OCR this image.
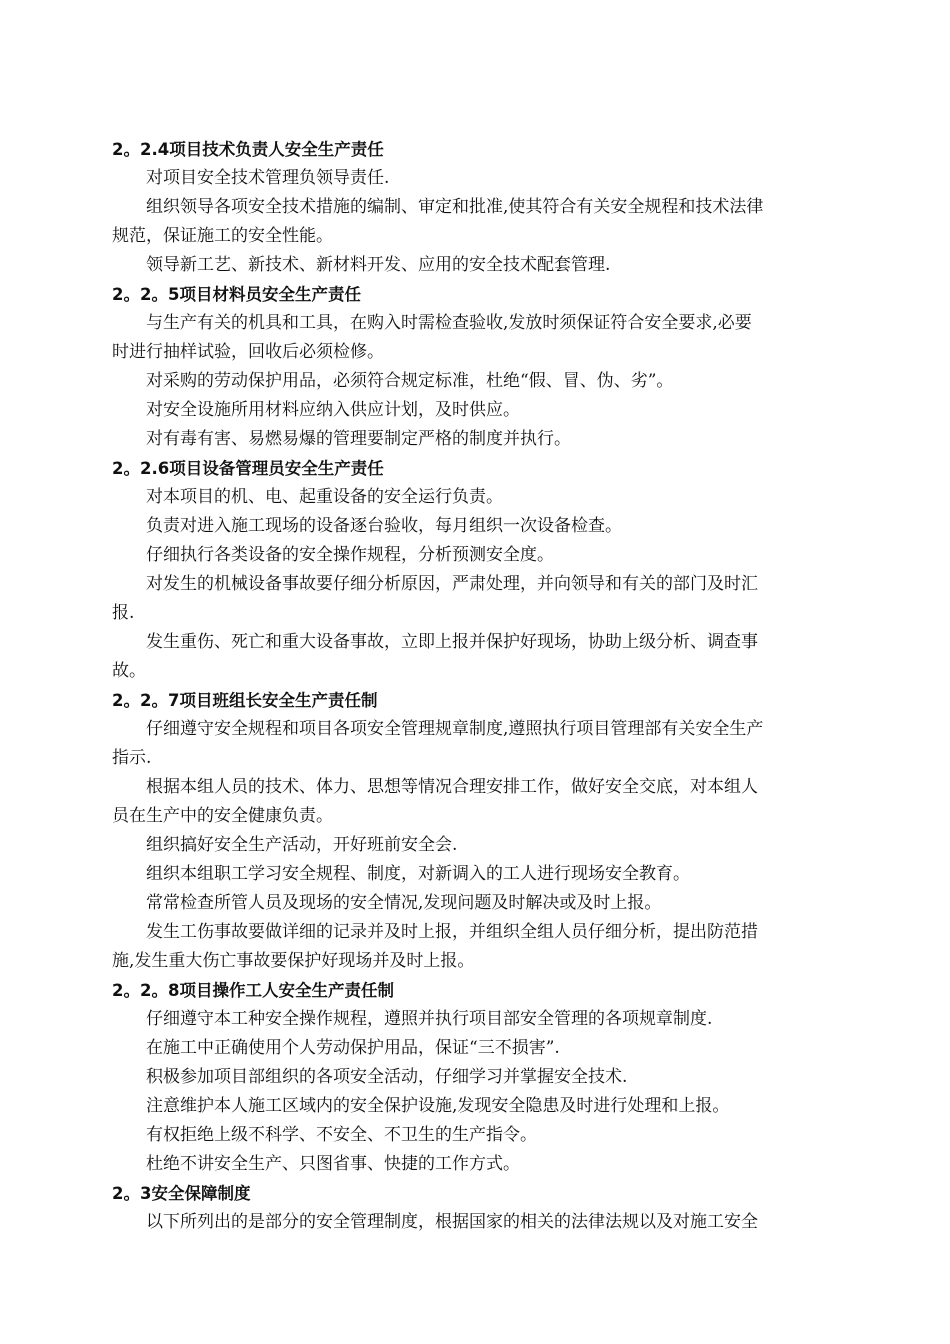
2。2.4项目技术负责人安全生产责任
对项目安全技术管理负领导责任.
组织领导各项安全技术措施的编制、审定和批准,使其符合有关安全规程和技术法律
规范，保证施工的安全性能。
领导新工艺、新技术、新材料开发、应用的安全技术配套管理.
2。2。5项目材料员安全生产责任
与生产有关的机具和工具，在购入时需检查验收,发放时须保证符合安全要求,必要
时进行抽样试验，回收后必须检修。
对采购的劳动保护用品，必须符合规定标准，杜绝“假、冒、伪、劣”。
对安全设施所用材料应纳入供应计划，及时供应。
对有毒有害、易燃易爆的管理要制定严格的制度并执行。
2。2.6项目设备管理员安全生产责任
对本项目的机、电、起重设备的安全运行负责。
负责对进入施工现场的设备逐台验收，每月组织一次设备检查。
仔细执行各类设备的安全操作规程，分析预测安全度。
对发生的机械设备事故要仔细分析原因，严肃处理，并向领导和有关的部门及时汇
报.
发生重伤、死亡和重大设备事故，立即上报并保护好现场，协助上级分析、调查事
故。
2。2。7项目班组长安全生产责任制
仔细遵守安全规程和项目各项安全管理规章制度,遵照执行项目管理部有关安全生产
指示.
根据本组人员的技术、体力、思想等情况合理安排工作，做好安全交底，对本组人
员在生产中的安全健康负责。
组织搞好安全生产活动，开好班前安全会.
组织本组职工学习安全规程、制度，对新调入的工人进行现场安全教育。
常常检查所管人员及现场的安全情况,发现问题及时解决或及时上报。
发生工伤事故要做详细的记录并及时上报，并组织全组人员仔细分析，提出防范措
施,发生重大伤亡事故要保护好现场并及时上报。
2。2。8项目操作工人安全生产责任制
仔细遵守本工种安全操作规程，遵照并执行项目部安全管理的各项规章制度.
在施工中正确使用个人劳动保护用品，保证“三不损害”.
积极参加项目部组织的各项安全活动，仔细学习并掌握安全技术.
注意维护本人施工区域内的安全保护设施,发现安全隐患及时进行处理和上报。
有权拒绝上级不科学、不安全、不卫生的生产指令。
杜绝不讲安全生产、只图省事、快捷的工作方式。
2。3安全保障制度
以下所列出的是部分的安全管理制度，根据国家的相关的法律法规以及对施工安全
